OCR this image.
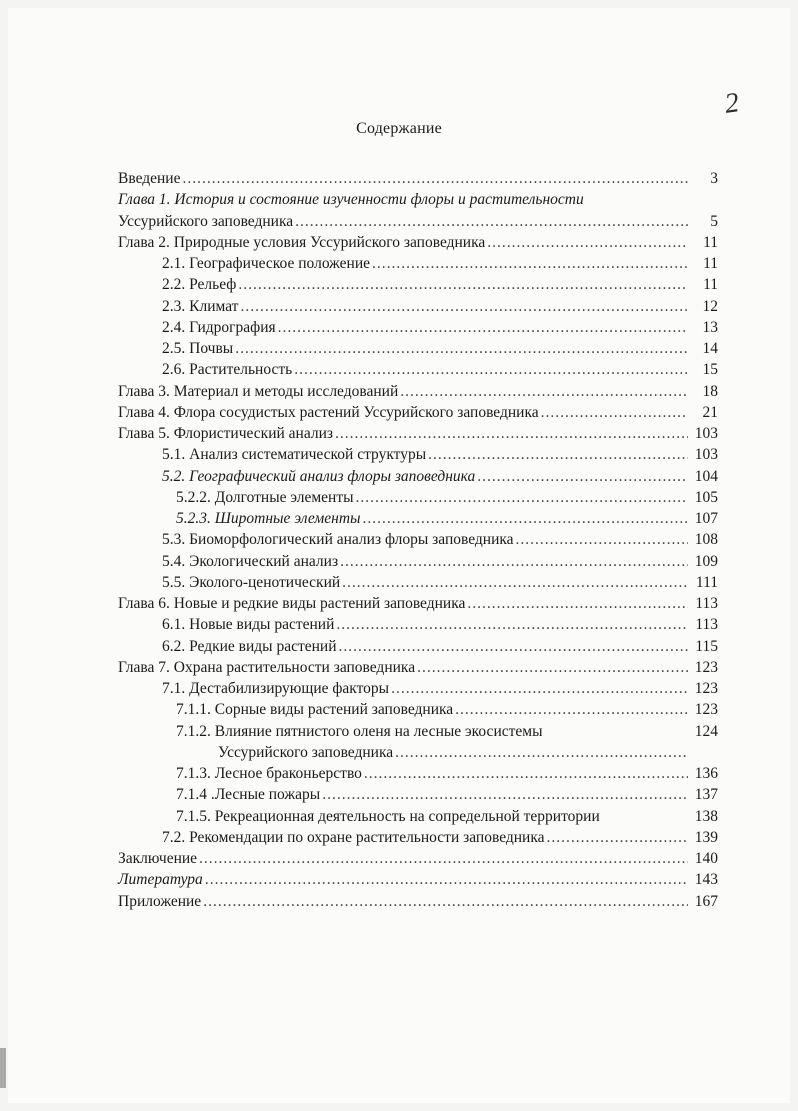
2
Содержание
Введение .....	3
Глава 1. История и состояние изученности флоры и растительности
Уссурийского заповедника .....	5
Глава 2. Природные условия Уссурийского заповедника .....	11
2.1. Географическое положение .....	11
2.2. Рельеф .....	11
2.3. Климат .....	12
2.4. Гидрография .....	13
2.5. Почвы .....	14
2.6. Растительность .....	15
Глава 3. Материал и методы исследований .....	18
Глава 4. Флора сосудистых растений Уссурийского заповедника .....	21
Глава 5. Флористический анализ .....	103
5.1. Анализ систематической структуры .....	103
5.2. Географический анализ флоры заповедника .....	104
5.2.2. Долготные элементы .....	105
5.2.3. Широтные элементы .....	107
5.3. Биоморфологический анализ флоры заповедника .....	108
5.4. Экологический анализ .....	109
5.5. Эколого-ценотический .....	111
Глава 6. Новые и редкие виды растений заповедника .....	113
6.1. Новые виды растений .....	113
6.2. Редкие виды растений .....	115
Глава 7. Охрана растительности заповедника .....	123
7.1. Дестабилизирующие факторы .....	123
7.1.1. Сорные виды растений заповедника .....	123
7.1.2. Влияние пятнистого оленя на лесные экосистемы	124
Уссурийского заповедника
.....
7.1.3. Лесное браконьерство .....	136
7.1.4 .Лесные пожары .....	137
7.1.5. Рекреационная деятельность на сопредельной территории	138
7.2. Рекомендации по охране растительности заповедника .....	139
Заключение .....	140
Литература .....	143
Приложение .....	167
